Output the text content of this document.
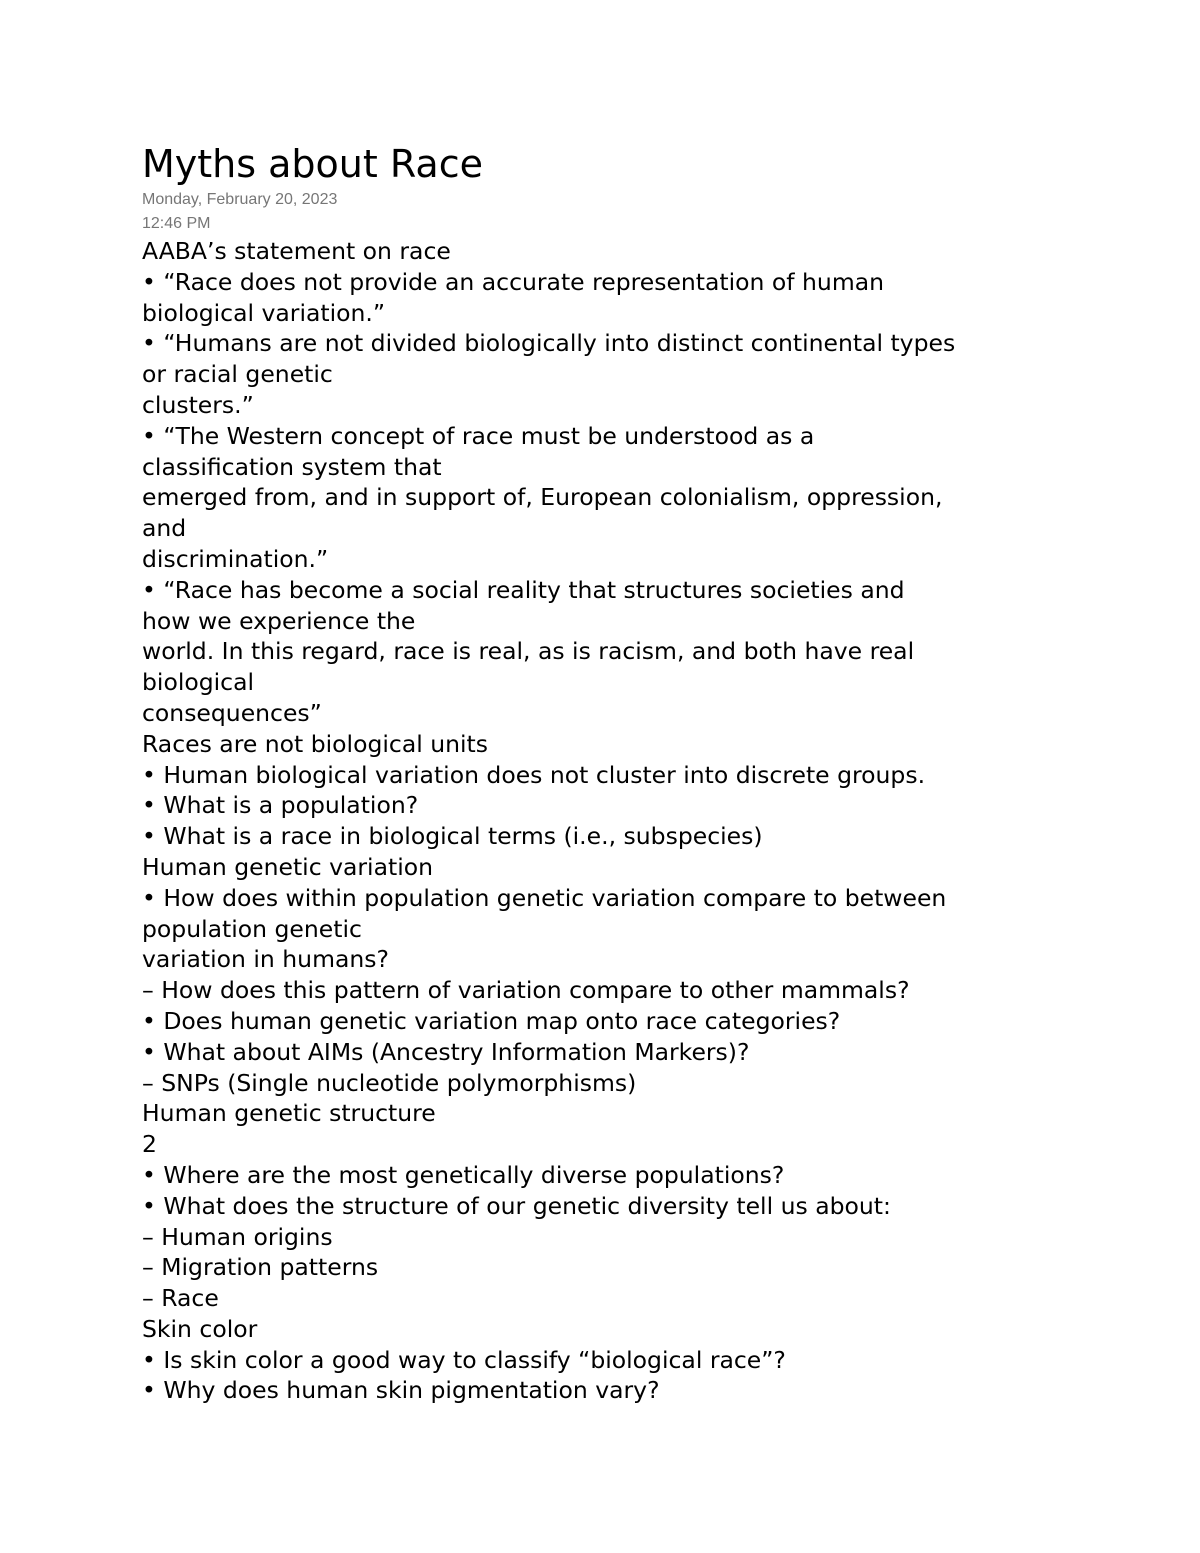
Myths about Race
Monday, February 20, 2023
12:46 PM
AABA’s statement on race
• “Race does not provide an accurate representation of human
biological variation.”
• “Humans are not divided biologically into distinct continental types
or racial genetic
clusters.”
• “The Western concept of race must be understood as a
classification system that
emerged from, and in support of, European colonialism, oppression,
and
discrimination.”
• “Race has become a social reality that structures societies and
how we experience the
world. In this regard, race is real, as is racism, and both have real
biological
consequences”
Races are not biological units
• Human biological variation does not cluster into discrete groups.
• What is a population?
• What is a race in biological terms (i.e., subspecies)
Human genetic variation
• How does within population genetic variation compare to between
population genetic
variation in humans?
– How does this pattern of variation compare to other mammals?
• Does human genetic variation map onto race categories?
• What about AIMs (Ancestry Information Markers)?
– SNPs (Single nucleotide polymorphisms)
Human genetic structure
2
• Where are the most genetically diverse populations?
• What does the structure of our genetic diversity tell us about:
– Human origins
– Migration patterns
– Race
Skin color
• Is skin color a good way to classify “biological race”?
• Why does human skin pigmentation vary?
